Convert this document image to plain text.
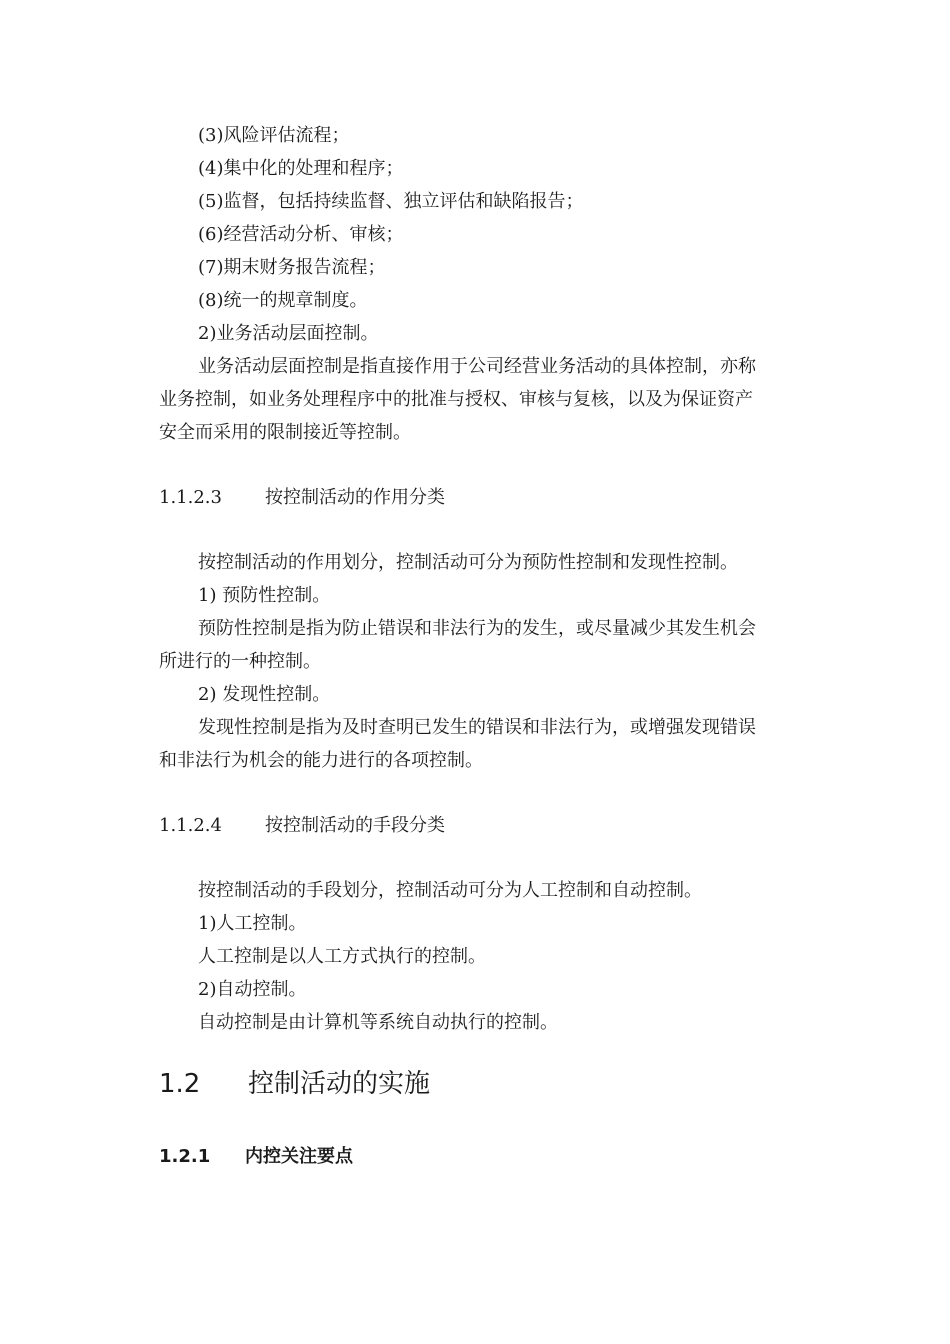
(3)风险评估流程；
(4)集中化的处理和程序；
(5)监督，包括持续监督、独立评估和缺陷报告；
(6)经营活动分析、审核；
(7)期末财务报告流程；
(8)统一的规章制度。
2)业务活动层面控制。
业务活动层面控制是指直接作用于公司经营业务活动的具体控制，亦称
业务控制，如业务处理程序中的批准与授权、审核与复核，以及为保证资产
安全而采用的限制接近等控制。
1.1.2.3 按控制活动的作用分类
按控制活动的作用划分，控制活动可分为预防性控制和发现性控制。
1) 预防性控制。
预防性控制是指为防止错误和非法行为的发生，或尽量减少其发生机会
所进行的一种控制。
2) 发现性控制。
发现性控制是指为及时查明已发生的错误和非法行为，或增强发现错误
和非法行为机会的能力进行的各项控制。
1.1.2.4 按控制活动的手段分类
按控制活动的手段划分，控制活动可分为人工控制和自动控制。
1)人工控制。
人工控制是以人工方式执行的控制。
2)自动控制。
自动控制是由计算机等系统自动执行的控制。
1.2 控制活动的实施
1.2.1 内控关注要点
